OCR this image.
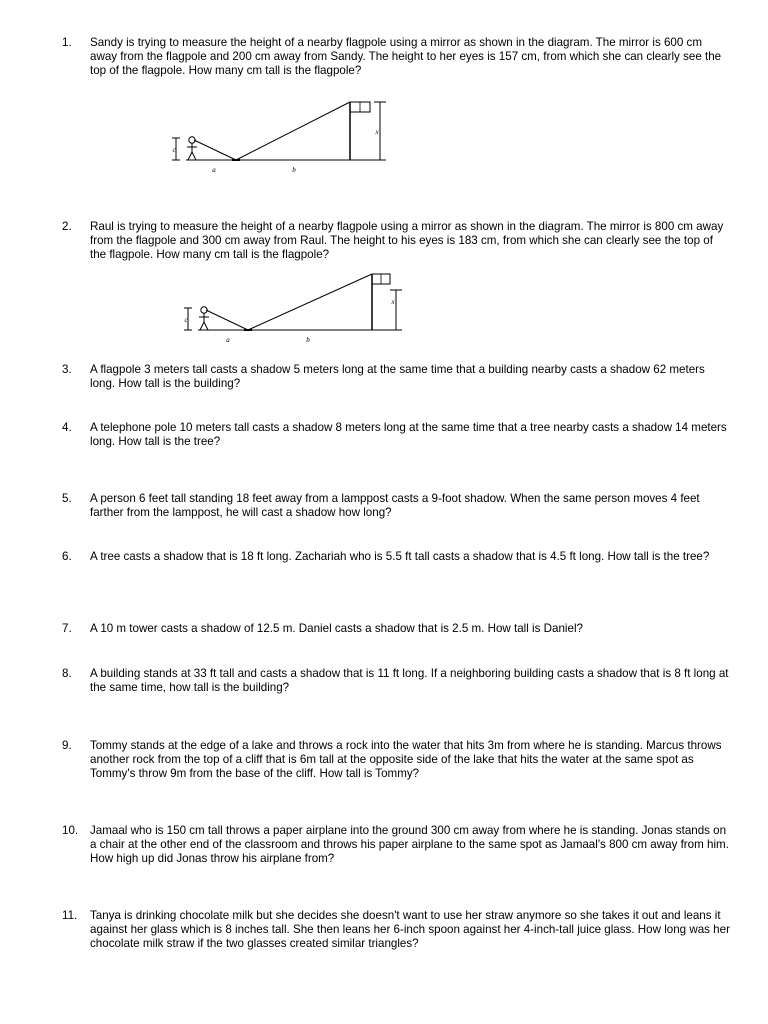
1.	Sandy is trying to measure the height of a nearby flagpole using a mirror as shown in the diagram. The mirror is 600 cm away from the flagpole and 200 cm away from Sandy. The height to her eyes is 157 cm, from which she can clearly see the top of the flagpole. How many cm tall is the flagpole?
c
x
a	b
2.	Raul is trying to measure the height of a nearby flagpole using a mirror as shown in the diagram. The mirror is 800 cm away from the flagpole and 300 cm away from Raul. The height to his eyes is 183 cm, from which she can clearly see the top of the flagpole. How many cm tall is the flagpole?
c
x
a	b
3.	A flagpole 3 meters tall casts a shadow 5 meters long at the same time that a building nearby casts a shadow 62 meters long. How tall is the building?
4.	A telephone pole 10 meters tall casts a shadow 8 meters long at the same time that a tree nearby casts a shadow 14 meters long. How tall is the tree?
5.	A person 6 feet tall standing 18 feet away from a lamppost casts a 9-foot shadow. When the same person moves 4 feet farther from the lamppost, he will cast a shadow how long?
6.	A tree casts a shadow that is 18 ft long. Zachariah who is 5.5 ft tall casts a shadow that is 4.5 ft long. How tall is the tree?
7.	A 10 m tower casts a shadow of 12.5 m. Daniel casts a shadow that is 2.5 m. How tall is Daniel?
8.	A building stands at 33 ft tall and casts a shadow that is 11 ft long. If a neighboring building casts a shadow that is 8 ft long at the same time, how tall is the building?
9.	Tommy stands at the edge of a lake and throws a rock into the water that hits 3m from where he is standing. Marcus throws another rock from the top of a cliff that is 6m tall at the opposite side of the lake that hits the water at the same spot as Tommy's throw 9m from the base of the cliff. How tall is Tommy?
10.	Jamaal who is 150 cm tall throws a paper airplane into the ground 300 cm away from where he is standing. Jonas stands on a chair at the other end of the classroom and throws his paper airplane to the same spot as Jamaal's 800 cm away from him. How high up did Jonas throw his airplane from?
11.	Tanya is drinking chocolate milk but she decides she doesn't want to use her straw anymore so she takes it out and leans it against her glass which is 8 inches tall. She then leans her 6-inch spoon against her 4-inch-tall juice glass. How long was her chocolate milk straw if the two glasses created similar triangles?
